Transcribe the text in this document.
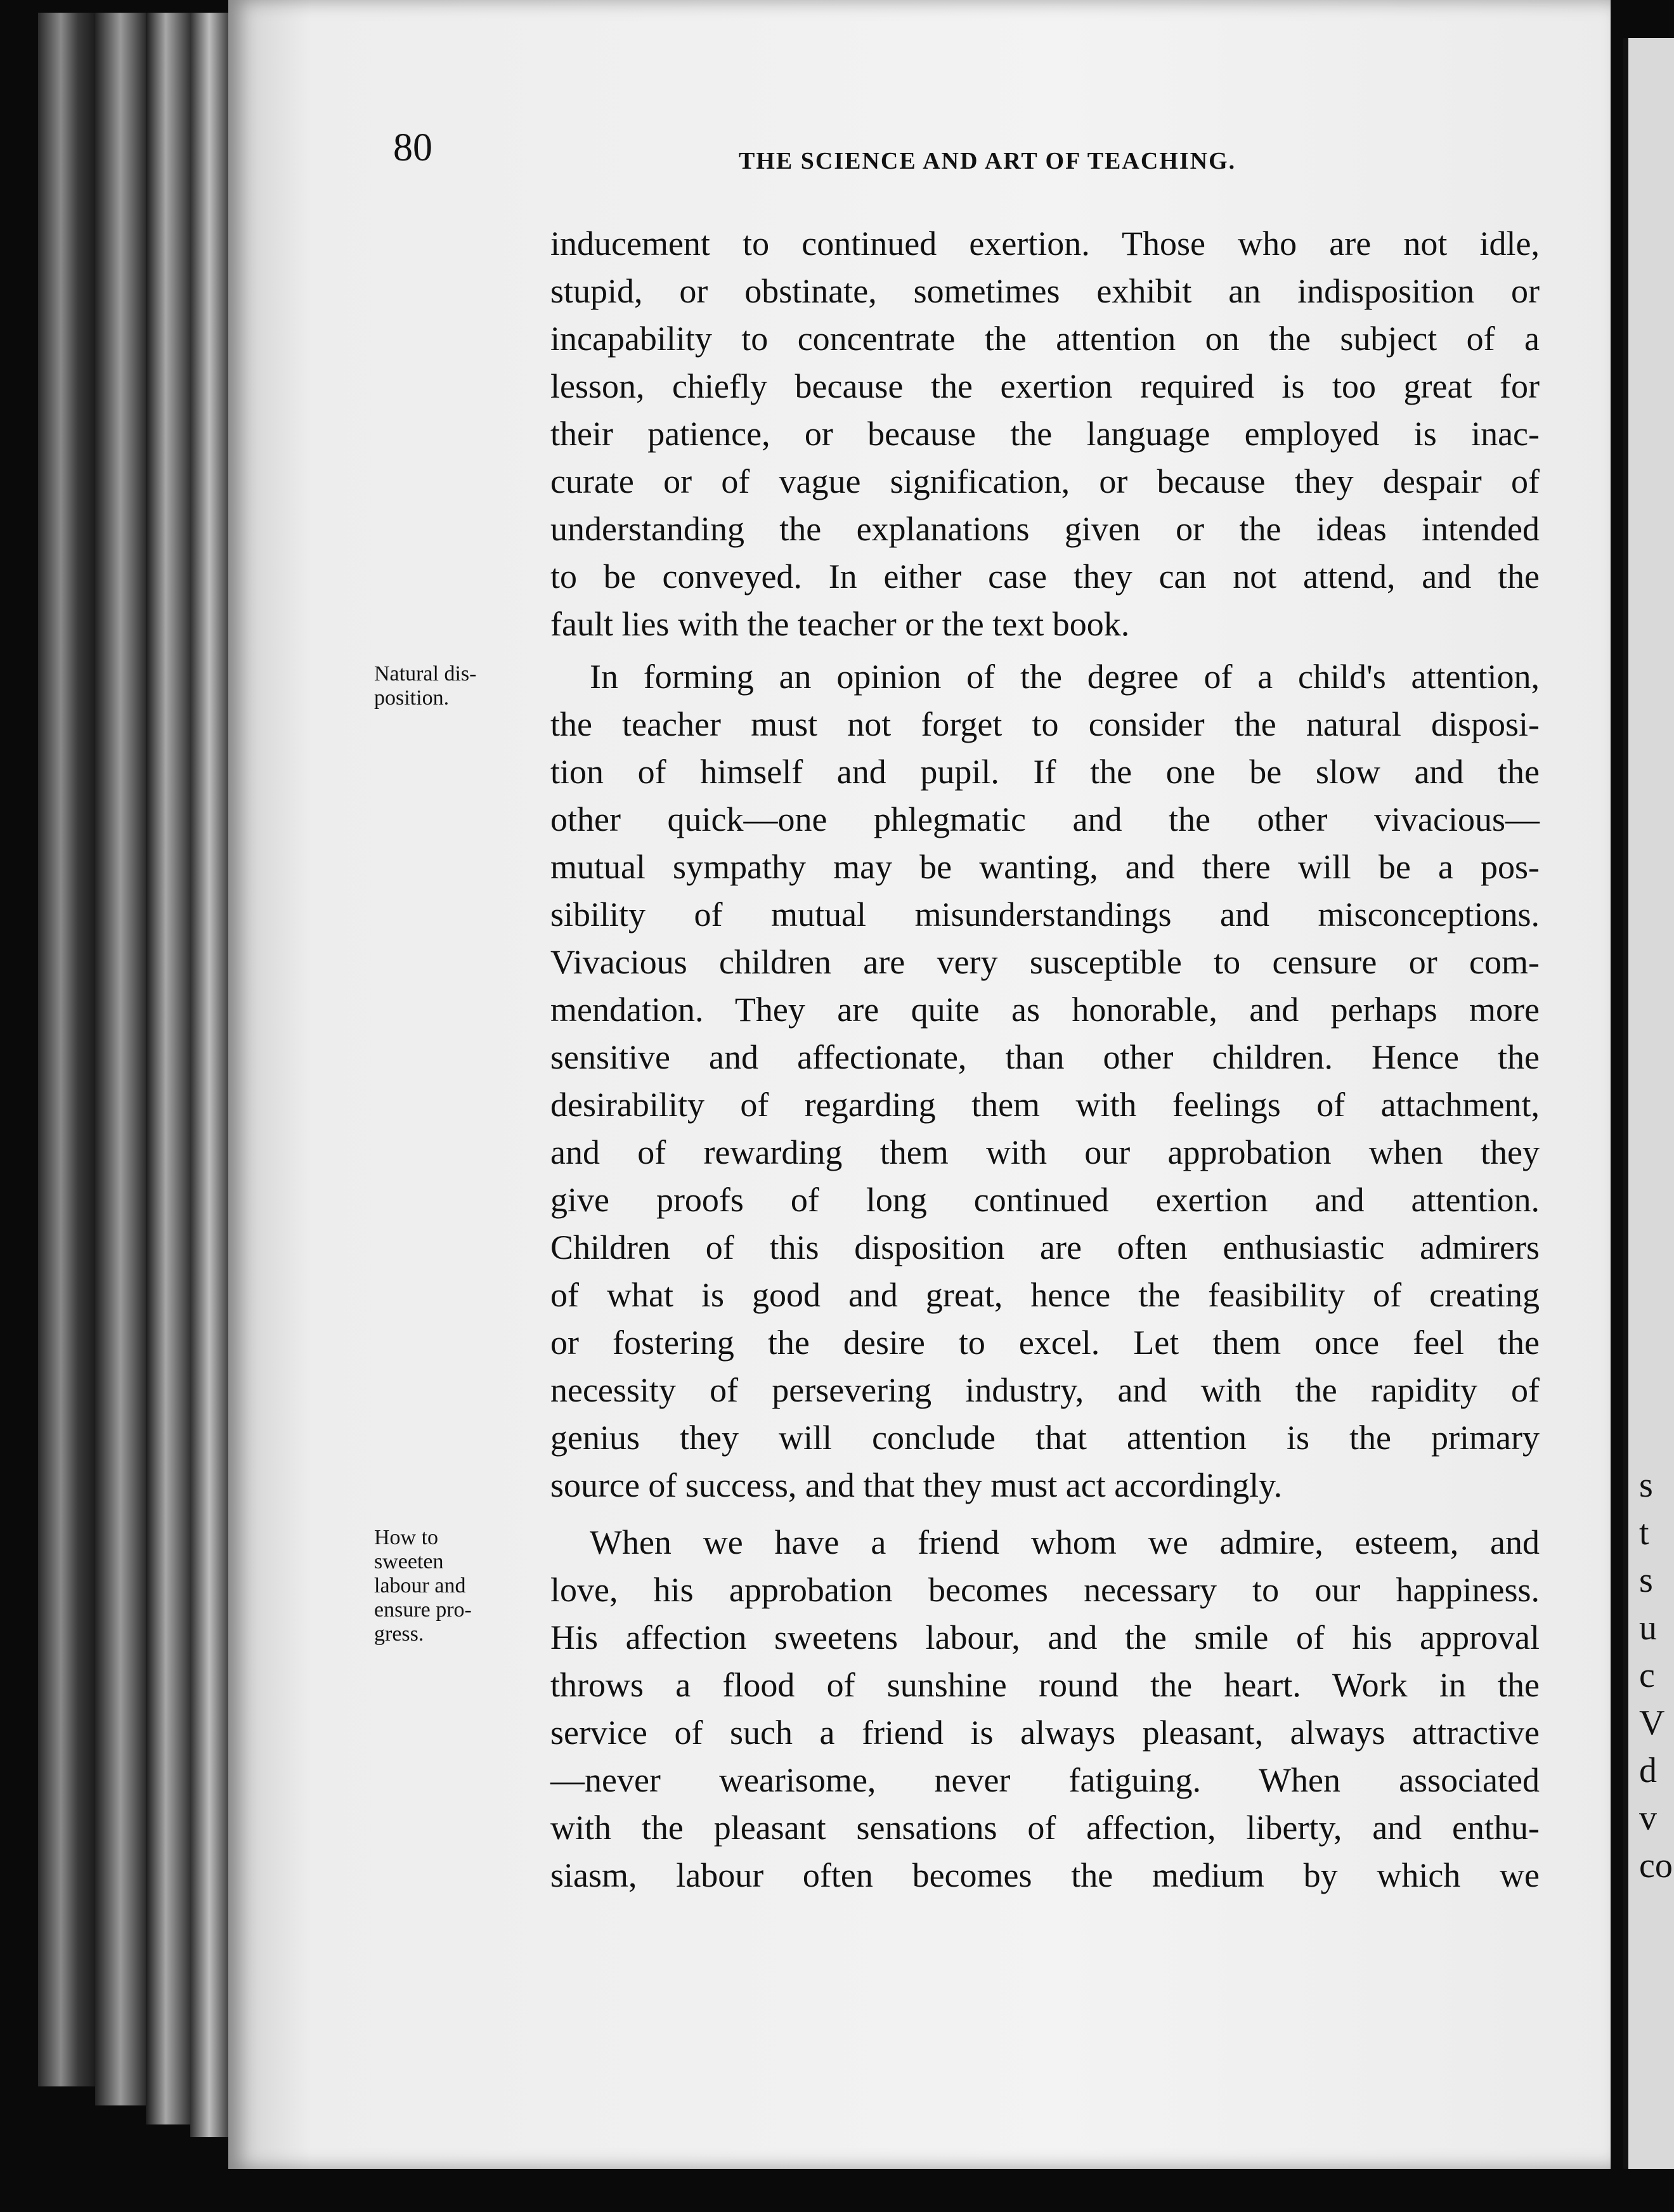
s
t
s
u
c
V
d
v
co
80	THE SCIENCE AND ART OF TEACHING.
Natural dis-
position.
How to
sweeten
labour and
ensure pro-
gress.
inducement to continued exertion. Those who are not idle,
stupid, or obstinate, sometimes exhibit an indisposition or
incapability to concentrate the attention on the subject of a
lesson, chiefly because the exertion required is too great for
their patience, or because the language employed is inac-
curate or of vague signification, or because they despair of
understanding the explanations given or the ideas intended
to be conveyed. In either case they can not attend, and the
fault lies with the teacher or the text book.
In forming an opinion of the degree of a child's attention,
the teacher must not forget to consider the natural disposi-
tion of himself and pupil. If the one be slow and the
other quick—one phlegmatic and the other vivacious—
mutual sympathy may be wanting, and there will be a pos-
sibility of mutual misunderstandings and misconceptions.
Vivacious children are very susceptible to censure or com-
mendation. They are quite as honorable, and perhaps more
sensitive and affectionate, than other children. Hence the
desirability of regarding them with feelings of attachment,
and of rewarding them with our approbation when they
give proofs of long continued exertion and attention.
Children of this disposition are often enthusiastic admirers
of what is good and great, hence the feasibility of creating
or fostering the desire to excel. Let them once feel the
necessity of persevering industry, and with the rapidity of
genius they will conclude that attention is the primary
source of success, and that they must act accordingly.
When we have a friend whom we admire, esteem, and
love, his approbation becomes necessary to our happiness.
His affection sweetens labour, and the smile of his approval
throws a flood of sunshine round the heart. Work in the
service of such a friend is always pleasant, always attractive
—never wearisome, never fatiguing. When associated
with the pleasant sensations of affection, liberty, and enthu-
siasm, labour often becomes the medium by which we
